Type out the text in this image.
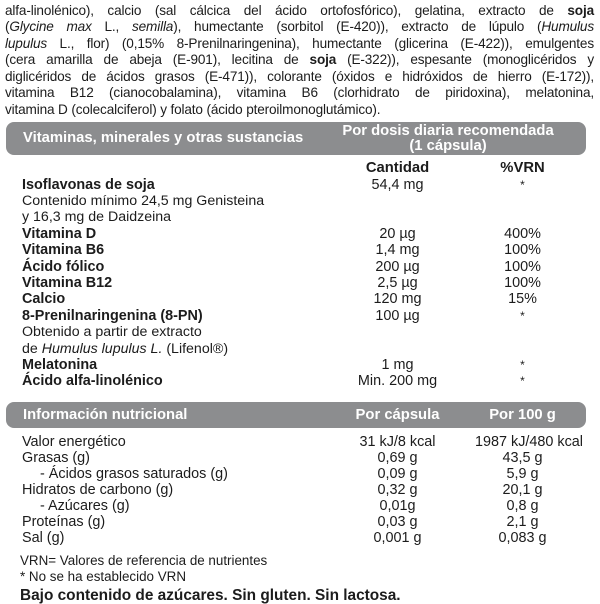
alfa-linolénico), calcio (sal cálcica del ácido ortofosfórico), gelatina, extracto de soja
(Glycine max L., semilla), humectante (sorbitol (E-420)), extracto de lúpulo (Humulus
lupulus L., flor) (0,15% 8-Prenilnaringenina), humectante (glicerina (E-422)), emulgentes
(cera amarilla de abeja (E-901), lecitina de soja (E-322)), espesante (monoglicéridos y
diglicéridos de ácidos grasos (E-471)), colorante (óxidos e hidróxidos de hierro (E-172)),
vitamina B12 (cianocobalamina), vitamina B6 (clorhidrato de piridoxina), melatonina,
vitamina D (colecalciferol) y folato (ácido pteroilmonoglutámico).
Vitaminas, minerales y otras sustancias	Por dosis diaria recomendada
(1 cápsula)
Cantidad	%VRN
Isoflavonas de soja	54,4 mg	*
Contenido mínimo 24,5 mg Genisteina
y 16,3 mg de Daidzeina
Vitamina D	20 µg	400%
Vitamina B6	1,4 mg	100%
Ácido fólico	200 µg	100%
Vitamina B12	2,5 µg	100%
Calcio	120 mg	15%
8-Prenilnaringenina (8-PN)	100 µg	*
Obtenido a partir de extracto
de Humulus lupulus L. (Lifenol®)
Melatonina	1 mg	*
Ácido alfa-linolénico	Min. 200 mg	*
Información nutricional	Por cápsula	Por 100 g
Valor energético	31 kJ/8 kcal	1987 kJ/480 kcal
Grasas (g)	0,69 g	43,5 g
- Ácidos grasos saturados (g)	0,09 g	5,9 g
Hidratos de carbono (g)	0,32 g	20,1 g
- Azúcares (g)	0,01g	0,8 g
Proteínas (g)	0,03 g	2,1 g
Sal (g)	0,001 g	0,083 g
VRN= Valores de referencia de nutrientes
* No se ha establecido VRN
Bajo contenido de azúcares. Sin gluten. Sin lactosa.
